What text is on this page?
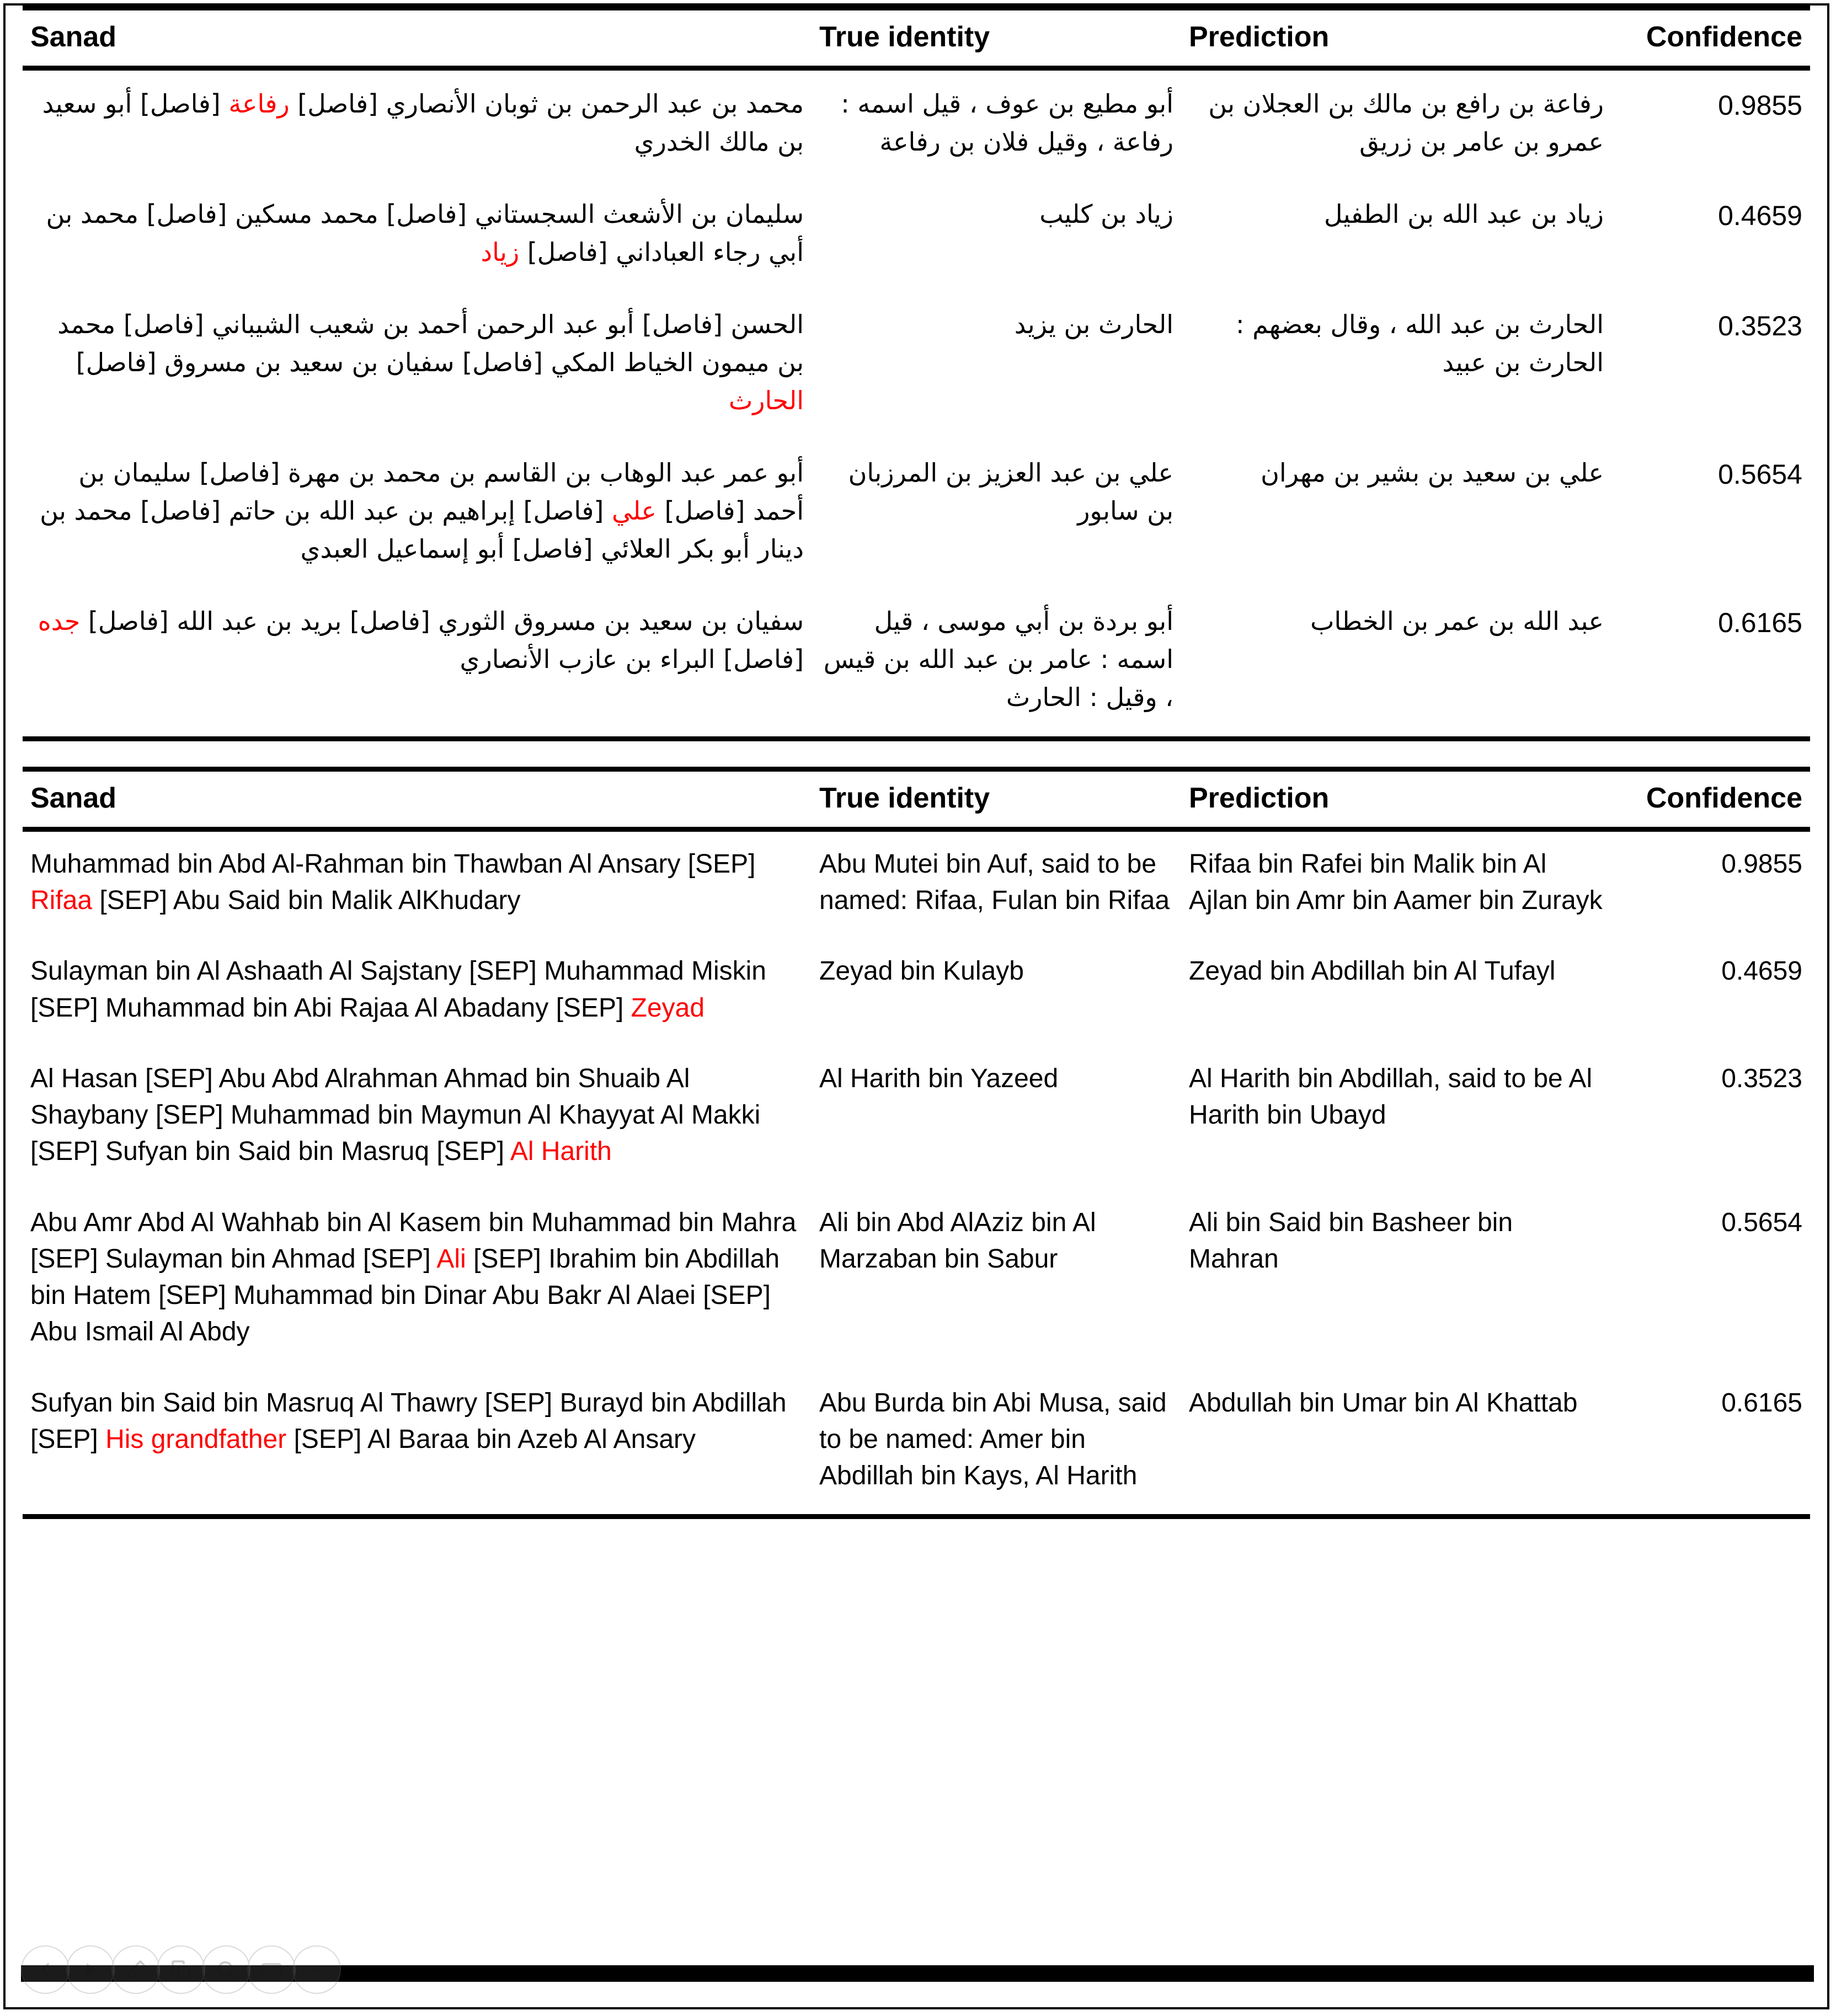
Sanad	True identity	Prediction	Confidence

محمد بن عبد الرحمن بن ثوبان الأنصاري [فاصل] رفاعة [فاصل] أبو سعيد بن مالك الخدري	أبو مطيع بن عوف ، قيل اسمه : رفاعة ، وقيل فلان بن رفاعة	رفاعة بن رافع بن مالك بن العجلان بن عمرو بن عامر بن زريق	0.9855
سليمان بن الأشعث السجستاني [فاصل] محمد مسكين [فاصل] محمد بن أبي رجاء العباداني [فاصل] زياد	زياد بن كليب	زياد بن عبد الله بن الطفيل	0.4659
الحسن [فاصل] أبو عبد الرحمن أحمد بن شعيب الشيباني [فاصل] محمد بن ميمون الخياط المكي [فاصل] سفيان بن سعيد بن مسروق [فاصل] الحارث	الحارث بن يزيد	الحارث بن عبد الله ، وقال بعضهم : الحارث بن عبيد	0.3523
أبو عمر عبد الوهاب بن القاسم بن محمد بن مهرة [فاصل] سليمان بن أحمد [فاصل] علي [فاصل] إبراهيم بن عبد الله بن حاتم [فاصل] محمد بن دينار أبو بكر العلائي [فاصل] أبو إسماعيل العبدي	علي بن عبد العزيز بن المرزبان بن سابور	علي بن سعيد بن بشير بن مهران	0.5654
سفيان بن سعيد بن مسروق الثوري [فاصل] بريد بن عبد الله [فاصل] جده [فاصل] البراء بن عازب الأنصاري	أبو بردة بن أبي موسى ، قيل اسمه : عامر بن عبد الله بن قيس ، وقيل : الحارث	عبد الله بن عمر بن الخطاب	0.6165

Sanad	True identity	Prediction	Confidence

Muhammad bin Abd Al-Rahman bin Thawban Al Ansary [SEP] Rifaa [SEP] Abu Said bin Malik AlKhudary	Abu Mutei bin Auf, said to be named: Rifaa, Fulan bin Rifaa	Rifaa bin Rafei bin Malik bin Al Ajlan bin Amr bin Aamer bin Zurayk	0.9855
Sulayman bin Al Ashaath Al Sajstany [SEP] Muhammad Miskin [SEP] Muhammad bin Abi Rajaa Al Abadany [SEP] Zeyad	Zeyad bin Kulayb	Zeyad bin Abdillah bin Al Tufayl	0.4659
Al Hasan [SEP] Abu Abd Alrahman Ahmad bin Shuaib Al Shaybany [SEP] Muhammad bin Maymun Al Khayyat Al Makki [SEP] Sufyan bin Said bin Masruq [SEP] Al Harith	Al Harith bin Yazeed	Al Harith bin Abdillah, said to be Al Harith bin Ubayd	0.3523
Abu Amr Abd Al Wahhab bin Al Kasem bin Muhammad bin Mahra [SEP] Sulayman bin Ahmad [SEP] Ali [SEP] Ibrahim bin Abdillah bin Hatem [SEP] Muhammad bin Dinar Abu Bakr Al Alaei [SEP] Abu Ismail Al Abdy	Ali bin Abd AlAziz bin Al Marzaban bin Sabur	Ali bin Said bin Basheer bin Mahran	0.5654
Sufyan bin Said bin Masruq Al Thawry [SEP] Burayd bin Abdillah [SEP] His grandfather [SEP] Al Baraa bin Azeb Al Ansary	Abu Burda bin Abi Musa, said to be named: Amer bin Abdillah bin Kays, Al Harith	Abdullah bin Umar bin Al Khattab	0.6165
